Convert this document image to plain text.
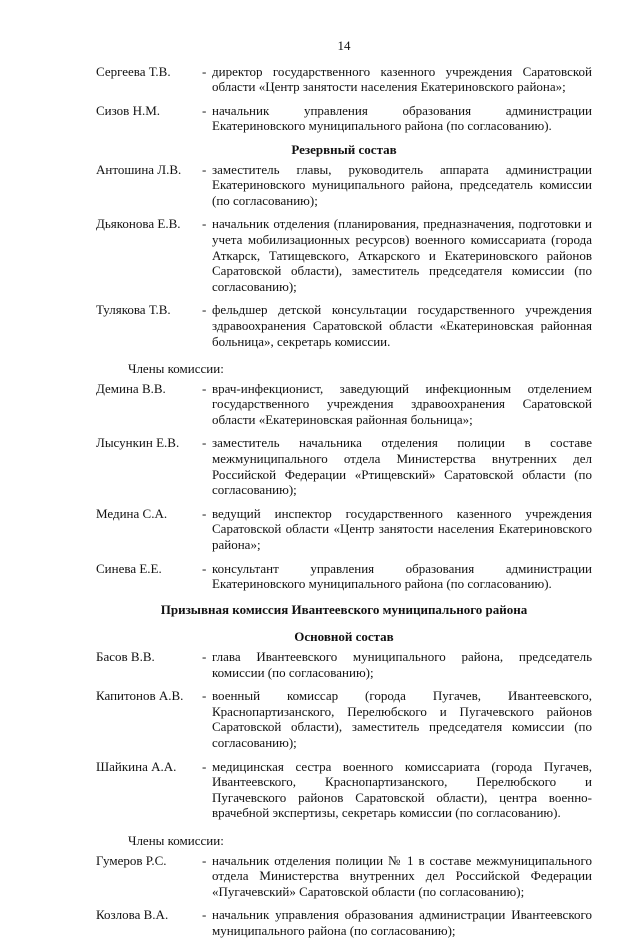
14
Сергеева Т.В.	- директор государственного казенного учреждения Саратовской области «Центр занятости населения Екатериновского района»;
Сизов Н.М.	- начальник управления образования администрации Екатериновского муниципального района (по согласованию).
Резервный состав
Антошина Л.В.	- заместитель главы, руководитель аппарата администрации Екатериновского муниципального района, председатель комиссии (по согласованию);
Дьяконова Е.В.	- начальник отделения (планирования, предназначения, подготовки и учета мобилизационных ресурсов) военного комиссариата (города Аткарск, Татищевского, Аткарского и Екатериновского районов Саратовской области), заместитель председателя комиссии (по согласованию);
Тулякова Т.В.	- фельдшер детской консультации государственного учреждения здравоохранения Саратовской области «Екатериновская районная больница», секретарь комиссии.
Члены комиссии:
Демина В.В.	- врач-инфекционист, заведующий инфекционным отделением государственного учреждения здравоохранения Саратовской области «Екатериновская районная больница»;
Лысункин Е.В.	- заместитель начальника отделения полиции в составе межмуниципального отдела Министерства внутренних дел Российской Федерации «Ртищевский» Саратовской области (по согласованию);
Медина С.А.	- ведущий инспектор государственного казенного учреждения Саратовской области «Центр занятости населения Екатериновского района»;
Синева Е.Е.	- консультант управления образования администрации Екатериновского муниципального района (по согласованию).
Призывная комиссия Ивантеевского муниципального района
Основной состав
Басов В.В.	- глава Ивантеевского муниципального района, председатель комиссии (по согласованию);
Капитонов А.В.	- военный комиссар (города Пугачев, Ивантеевского, Краснопартизанского, Перелюбского и Пугачевского районов Саратовской области), заместитель председателя комиссии (по согласованию);
Шайкина А.А.	- медицинская сестра военного комиссариата (города Пугачев, Ивантеевского, Краснопартизанского, Перелюбского и Пугачевского районов Саратовской области), центра военно-врачебной экспертизы, секретарь комиссии (по согласованию).
Члены комиссии:
Гумеров Р.С.	- начальник отделения полиции № 1 в составе межмуниципального отдела Министерства внутренних дел Российской Федерации «Пугачевский» Саратовской области (по согласованию);
Козлова В.А.	- начальник управления образования администрации Ивантеевского муниципального района (по согласованию);
